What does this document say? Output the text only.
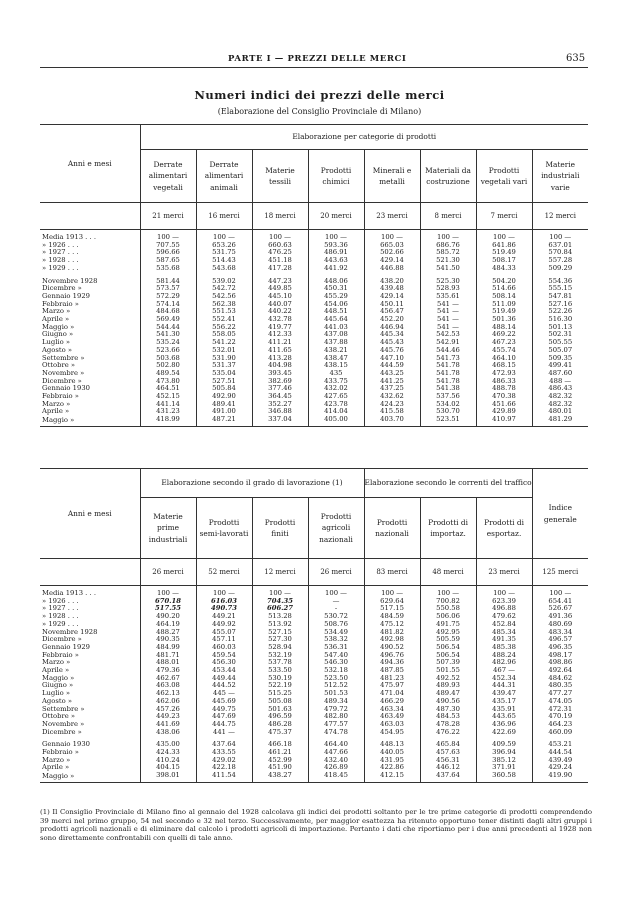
PARTE I — PREZZI DELLE MERCI	635
Numeri indici dei prezzi delle merci
(Elaborazione del Consiglio Provinciale di Milano)
Anni e mesi	Elaborazione per categorie di prodotti							
	Derrate alimentari vegetali	Derrate alimentari animali	Materie tessili	Prodotti chimici	Minerali e metalli	Materiali da costruzione	Prodotti vegetali vari	Materie industriali varie
	21 merci	16 merci	18 merci	20 merci	23 merci	8 merci	7 merci	12 merci
Media 1913 . . .	100 —	100 —	100 —	100 —	100 —	100 —	100 —	100 —
» 1926 . . .	707.55	653.26	660.63	593.36	665.03	686.76	641.86	637.01
» 1927 . . .	596.66	531.75	476.25	486.91	502.66	585.72	519.49	570.84
» 1928 . . .	587.65	514.43	451.18	443.63	429.14	521.30	508.17	557.28
» 1929 . . .	535.68	543.68	417.28	441.92	446.88	541.50	484.33	509.29
Novembre 1928	581.44	539.02	447.23	448.06	438.20	525.30	504.20	554.36
Dicembre »	573.57	542.72	449.85	450.31	439.48	528.93	514.66	555.15
Gennaio 1929	572.29	542.56	445.10	455.29	429.14	535.61	508.14	547.81
Febbraio »	574.14	562.38	440.07	454.06	450.11	541 —	511.09	527.16
Marzo »	484.68	551.53	440.22	448.51	456.47	541 —	519.49	522.26
Aprile »	569.49	552.41	432.78	445.64	452.20	541 —	501.36	516.30
Maggio »	544.44	556.22	419.77	441.03	446.94	541 —	488.14	501.13
Giugno »	541.30	558.05	412.33	437.08	445.34	542.53	469.22	502.31
Luglio »	535.24	541.22	411.21	437.88	445.43	542.91	467.23	505.55
Agosto »	523.66	532.01	411.65	438.21	445.76	544.46	455.74	505.07
Settembre »	503.68	531.90	413.28	438.47	447.10	541.73	464.10	509.35
Ottobre »	502.80	531.37	404.98	438.15	444.59	541.78	468.15	499.41
Novembre »	489.54	535.04	393.45	435	443.25	541.78	472.93	487.60
Dicembre »	473.80	527.51	382.69	433.75	441.25	541.78	486.33	488 —
Gennaio 1930	464.51	505.84	377.46	432.02	437.25	541.38	488.78	486.43
Febbraio »	452.15	492.90	364.45	427.65	432.62	537.56	470.38	482.32
Marzo »	441.14	489.41	352.27	423.78	424.23	534.02	451.66	482.32
Aprile »	431.23	491.00	346.88	414.04	415.58	530.70	429.89	480.01
Maggio »	418.99	487.21	337.04	405.00	403.70	523.51	410.97	481.29
Anni e mesi	Elaborazione secondo il grado di lavorazione (1)				Elaborazione secondo le correnti del traffico			Indice generale
	Materie prime industriali	Prodotti semi-lavorati	Prodotti finiti	Prodotti agricoli nazionali	Prodotti nazionali	Prodotti di importaz.	Prodotti di esportaz.	
	26 merci	52 merci	12 merci	26 merci	83 merci	48 merci	23 merci	125 merci
Media 1913 . . .	100 —	100 —	100 —	100 —	100 —	100 —	100 —	100 —
» 1926 . . .	670.18	616.03	704.35	—	629.64	700.82	623.39	654.41
» 1927 . . .	517.55	490.73	606.27	-	517.15	550.58	496.88	526.67
» 1928 . . .	490.20	449.21	513.28	530.72	484.59	506.06	479.62	491.36
» 1929 . . .	464.19	449.92	513.92	508.76	475.12	491.75	452.84	480.69
Novembre 1928	488.27	455.07	527.15	534.49	481.82	492.95	485.34	483.34
Dicembre »	490.35	457.11	527.30	538.32	492.98	505.59	491.35	496.57
Gennaio 1929	484.99	460.03	528.94	536.31	490.52	506.54	485.38	496.35
Febbraio »	481.71	459.54	532.19	547.40	496.76	506.54	488.24	498.17
Marzo »	488.01	456.30	537.78	546.30	494.36	507.39	482.96	498.86
Aprile »	479.36	453.44	533.50	532.18	487.85	501.55	467 —	492.64
Maggio »	462.67	449.44	530.19	523.50	481.23	492.52	452.34	484.62
Giugno »	463.08	444.52	522.19	512.52	475.97	489.93	444.31	480.35
Luglio »	462.13	445 —	515.25	501.53	471.04	489.47	439.47	477.27
Agosto »	462.06	445.69	505.08	489.34	466.29	490.56	435.17	474.05
Settembre »	457.26	449.75	501.63	479.72	463.34	487.30	435.91	472.31
Ottobre »	449.23	447.69	496.59	482.80	463.49	484.53	443.65	470.19
Novembre »	441.69	444.75	486.28	477.57	463.03	478.28	436.96	464.23
Dicembre »	438.06	441 —	475.37	474.78	454.95	476.22	422.69	460.09
Gennaio 1930	435.00	437.64	466.18	464.40	448.13	465.84	409.59	453.21
Febbraio »	424.33	433.55	461.21	447.66	440.05	457.63	396.94	444.54
Marzo »	410.24	429.02	452.99	432.40	431.95	456.31	385.12	439.49
Aprile »	404.15	422.18	451.90	426.89	422.86	446.12	371.91	429.24
Maggio »	398.01	411.54	438.27	418.45	412.15	437.64	360.58	419.90
(1) Il Consiglio Provinciale di Milano fino al gennaio del 1928 calcolava gli indici dei prodotti soltanto per le tre prime categorie di prodotti comprendendo 39 merci nel primo gruppo, 54 nel secondo e 32 nel terzo. Successivamente, per maggior esattezza ha ritenuto opportuno tener distinti dagli altri gruppi i prodotti agricoli nazionali e di eliminare dal calcolo i prodotti agricoli di importazione. Pertanto i dati che riportiamo per i due anni precedenti al 1928 non sono direttamente confrontabili con quelli di tale anno.
